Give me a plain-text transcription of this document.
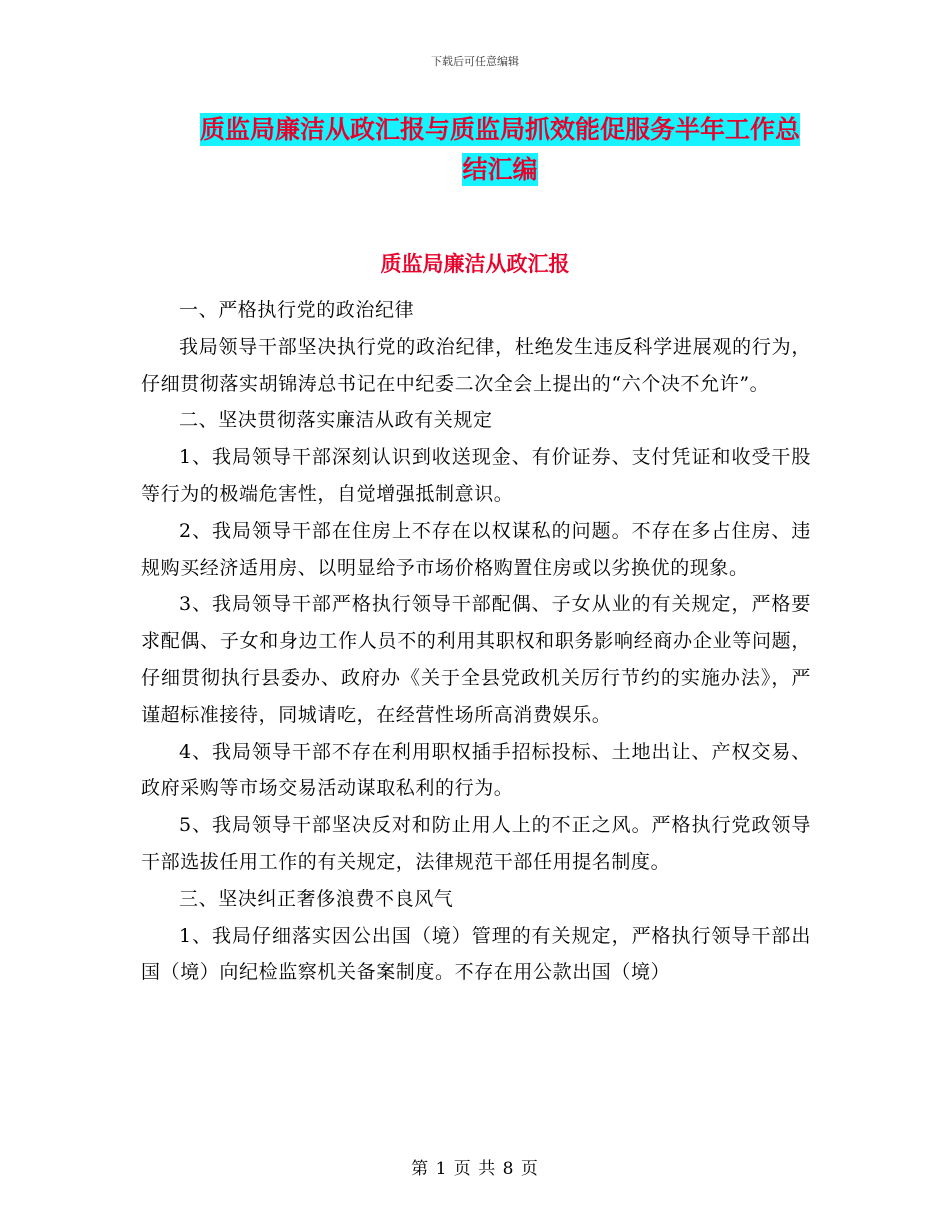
下载后可任意编辑
质监局廉洁从政汇报与质监局抓效能促服务半年工作总结汇编
质监局廉洁从政汇报

一、严格执行党的政治纪律

我局领导干部坚决执行党的政治纪律，杜绝发生违反科学进展观的行为，仔细贯彻落实胡锦涛总书记在中纪委二次全会上提出的“六个决不允许”。

二、坚决贯彻落实廉洁从政有关规定

1、我局领导干部深刻认识到收送现金、有价证券、支付凭证和收受干股等行为的极端危害性，自觉增强抵制意识。

2、我局领导干部在住房上不存在以权谋私的问题。不存在多占住房、违规购买经济适用房、以明显给予市场价格购置住房或以劣换优的现象。

3、我局领导干部严格执行领导干部配偶、子女从业的有关规定，严格要求配偶、子女和身边工作人员不的利用其职权和职务影响经商办企业等问题，仔细贯彻执行县委办、政府办《关于全县党政机关厉行节约的实施办法》，严谨超标准接待，同城请吃，在经营性场所高消费娱乐。

4、我局领导干部不存在利用职权插手招标投标、土地出让、产权交易、政府采购等市场交易活动谋取私利的行为。

5、我局领导干部坚决反对和防止用人上的不正之风。严格执行党政领导干部选拔任用工作的有关规定，法律规范干部任用提名制度。

三、坚决纠正奢侈浪费不良风气

1、我局仔细落实因公出国（境）管理的有关规定，严格执行领导干部出国（境）向纪检监察机关备案制度。不存在用公款出国（境）

第 1 页 共 8 页
